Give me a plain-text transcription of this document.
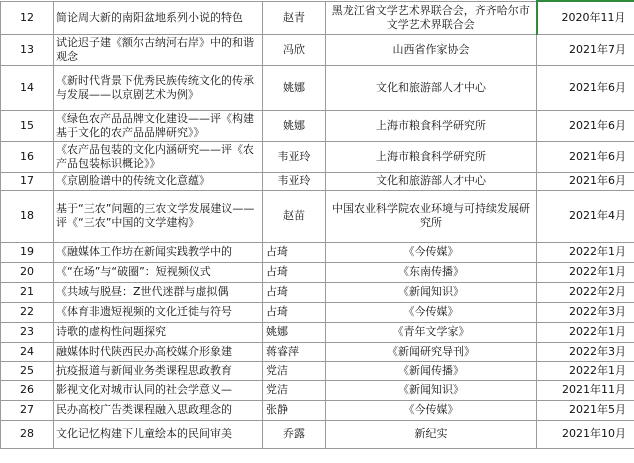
12	简论周大新的南阳盆地系列小说的特色	赵青	黑龙江省文学艺术界联合会，齐齐哈尔市文学艺术界联合会	2020年11月
13	试论迟子建《额尔古纳河右岸》中的和谐观念	冯欣	山西省作家协会	2021年7月
14	《新时代背景下优秀民族传统文化的传承与发展——以京剧艺术为例》	姚娜	文化和旅游部人才中心	2021年6月
15	《绿色农产品品牌文化建设——评《构建基于文化的农产品品牌研究》》	姚娜	上海市粮食科学研究所	2021年6月
16	《农产品包装的文化内涵研究——评《农产品包装标识概论》》	韦亚玲	上海市粮食科学研究所	2021年6月
17	《京剧脸谱中的传统文化意蕴》	韦亚玲	文化和旅游部人才中心	2021年6月
18	基于“三农”问题的三农文学发展建议——评《“三农”中国的文学建构》	赵苗	中国农业科学院农业环境与可持续发展研究所	2021年4月
19	《融媒体工作坊在新闻实践教学中的	占琦	《今传媒》	2022年1月
20	《“在场”与“破圈”：短视频仪式	占琦	《东南传播》	2022年1月
21	《共域与脱昼：Z世代迷群与虚拟偶	占琦	《新闻知识》	2022年2月
22	《体育非遗短视频的文化迁徙与符号	占琦	《今传媒》	2022年3月
23	诗歌的虚构性问题探究	姚娜	《青年文学家》	2022年1月
24	融媒体时代陕西民办高校媒介形象建	蒋睿萍	《新闻研究导刊》	2022年3月
25	抗疫报道与新闻业务类课程思政教育	党洁	《新闻传播》	2022年1月
26	影视文化对城市认同的社会学意义—	党洁	《新闻知识》	2021年11月
27	民办高校广告类课程融入思政理念的	张静	《今传媒》	2021年5月
28	文化记忆构建下儿童绘本的民间审美	乔露	新纪实	2021年10月
